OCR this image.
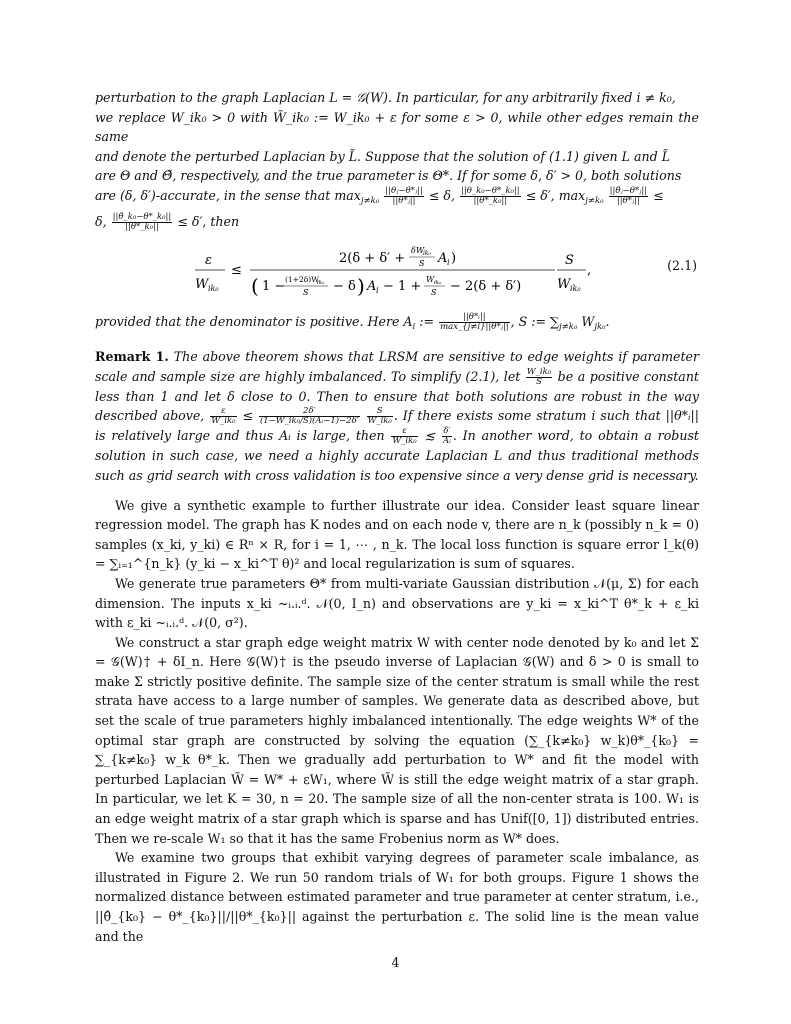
perturbation to the graph Laplacian L = 𝒢(W). In particular, for any arbitrarily fixed i ≠ k₀,
we replace W_ik₀ > 0 with W̃_ik₀ := W_ik₀ + ε for some ε > 0, while other edges remain the same
and denote the perturbed Laplacian by L̃. Suppose that the solution of (1.1) given L and L̃
are Θ and Θ̃, respectively, and the true parameter is Θ*. If for some δ, δ′ > 0, both solutions
are (δ, δ′)-accurate, in the sense that $\max_{j\ne k_0} \frac{\text{||θⱼ−θ*ⱼ||}}{\text{||θ*ⱼ||}} \le \delta$, $\frac{\text{||θ\_k₀−θ*\_k₀||}}{\text{||θ*\_k₀||}} \le \delta'$, $\max_{j\ne k_0} \frac{\text{||θ̃ⱼ−θ*ⱼ||}}{\text{||θ*ⱼ||}}$ ≤
δ, $\frac{\text{||θ̃\_k₀−θ*\_k₀||}}{\text{||θ*\_k₀||}} \le \delta'$, then

ε
W ik₀
≤
2(δ + δ′ +
δW
ik₀
S A i )
( 1 − (1+2δ)W
ik₀
S − δ ) A i − 1 + W ik₀
S − 2(δ + δ′)
S
W ik₀
,	(2.1)

provided that the denominator is positive. Here $A_i$ := $\frac{\text{||θ*ᵢ||}}{\text{max\_\{j≠i\}||θ*ⱼ||}}$ , S := $\sum_{j\ne k_0}$ $W_{jk_0}$.

Remark 1. The above theorem shows that LRSM are sensitive to edge weights if parameter scale and sample size are highly imbalanced. To simplify (2.1), let $\frac{\text{W\_ik₀}}{S}$ be a positive constant less than 1 and let δ close to 0. Then to ensure that both solutions are robust in the way described above, $\frac{\varepsilon}{\text{W\_ik₀}} \le \frac{2\delta'}{\text{(1−W\_ik₀/S)(Aᵢ−1)−2δ′}}$
$\frac{S}{\text{W\_ik₀}}$ . If there exists some stratum i such that ||θ*ᵢ|| is relatively large and thus Aᵢ is large, then $\frac{\varepsilon}{\text{W\_ik₀}}$ ≲ $\frac{\delta'}{\text{Aᵢ}}$ . In another word, to obtain a robust solution in such case, we need a highly accurate Laplacian L and thus traditional methods such as grid search with cross validation is too expensive since a very dense grid is necessary.

We give a synthetic example to further illustrate our idea. Consider least square linear regression model. The graph has K nodes and on each node v, there are n_k (possibly n_k = 0) samples (x_ki, y_ki) ∈ Rⁿ × R, for i = 1, ⋯ , n_k. The local loss function is square error l_k(θ) = ∑ᵢ₌₁^{n_k} (y_ki − x_ki^T θ)² and local regularization is sum of squares.

We generate true parameters Θ* from multi-variate Gaussian distribution 𝒩(μ, Σ) for each dimension. The inputs x_ki ~ᵢ.ᵢ.ᵈ. 𝒩(0, I_n) and observations are y_ki = x_ki^T θ*_k + ε_ki with ε_ki ~ᵢ.ᵢ.ᵈ. 𝒩(0, σ²).

We construct a star graph edge weight matrix W with center node denoted by k₀ and let Σ = 𝒢(W)† + δI_n. Here 𝒢(W)† is the pseudo inverse of Laplacian 𝒢(W) and δ > 0 is small to make Σ strictly positive definite. The sample size of the center stratum is small while the rest strata have access to a large number of samples. We generate data as described above, but set the scale of true parameters highly imbalanced intentionally. The edge weights W* of the optimal star graph are constructed by solving the equation (∑_{k≠k₀} w_k)θ*_{k₀} = ∑_{k≠k₀} w_k θ*_k. Then we gradually add perturbation to W* and fit the model with perturbed Laplacian W̃ = W* + εW₁, where W̃ is still the edge weight matrix of a star graph. In particular, we let K = 30, n = 20. The sample size of all the non-center strata is 100. W₁ is an edge weight matrix of a star graph which is sparse and has Unif([0, 1]) distributed entries. Then we re-scale W₁ so that it has the same Frobenius norm as W* does.

We examine two groups that exhibit varying degrees of parameter scale imbalance, as illustrated in Figure 2. We run 50 random trials of W₁ for both groups. Figure 1 shows the normalized distance between estimated parameter and true parameter at center stratum, i.e., ||θ̂_{k₀} − θ*_{k₀}||/||θ*_{k₀}|| against the perturbation ε. The solid line is the mean value and the

4
